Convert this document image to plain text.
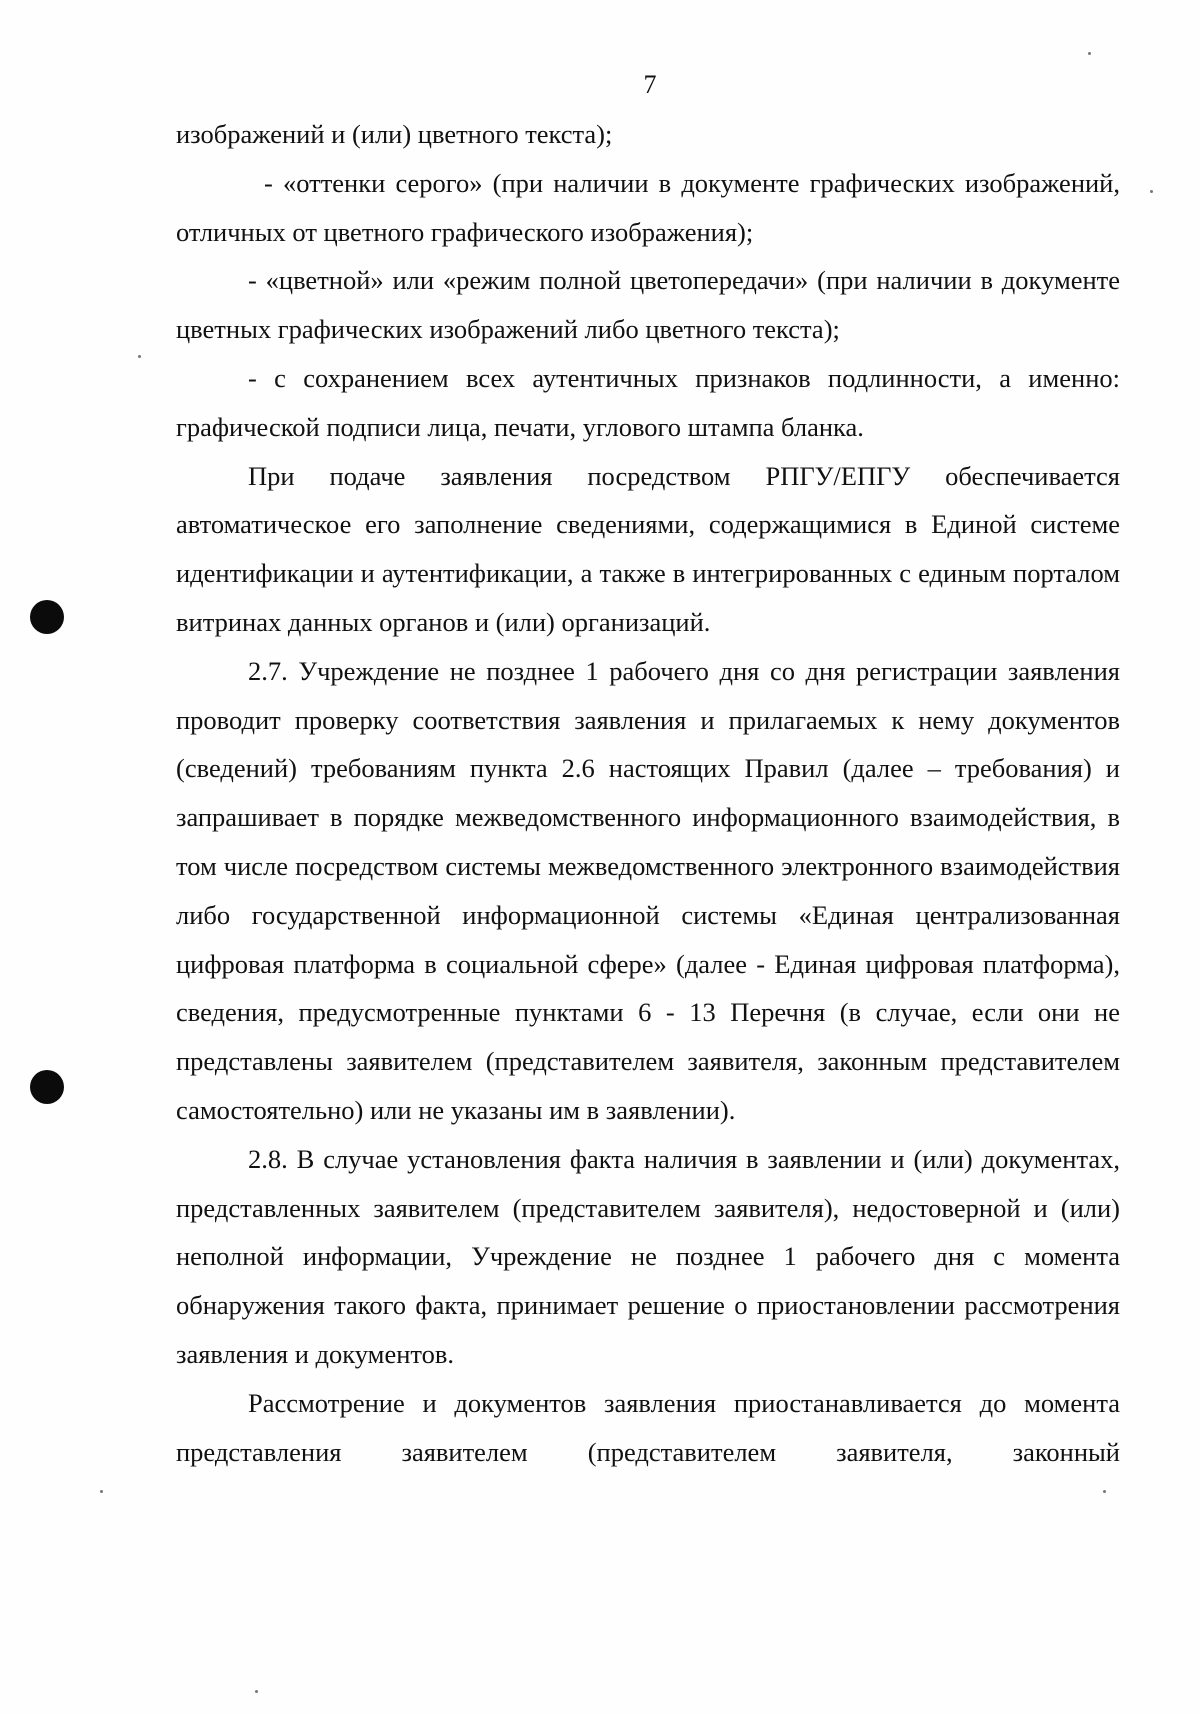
7

изображений и (или) цветного текста);

- «оттенки серого» (при наличии в документе графических изображений, отличных от цветного графического изображения);

- «цветной» или «режим полной цветопередачи» (при наличии в документе цветных графических изображений либо цветного текста);

- с сохранением всех аутентичных признаков подлинности, а именно: графической подписи лица, печати, углового штампа бланка.

При подаче заявления посредством РПГУ/ЕПГУ обеспечивается автоматическое его заполнение сведениями, содержащимися в Единой системе идентификации и аутентификации, а также в интегрированных с единым порталом витринах данных органов и (или) организаций.

2.7. Учреждение не позднее 1 рабочего дня со дня регистрации заявления проводит проверку соответствия заявления и прилагаемых к нему документов (сведений) требованиям пункта 2.6 настоящих Правил (далее – требования) и запрашивает в порядке межведомственного информационного взаимодействия, в том числе посредством системы межведомственного электронного взаимодействия либо государственной информационной системы «Единая централизованная цифровая платформа в социальной сфере» (далее - Единая цифровая платформа), сведения, предусмотренные пунктами 6 - 13 Перечня (в случае, если они не представлены заявителем (представителем заявителя, законным представителем самостоятельно) или не указаны им в заявлении).

2.8. В случае установления факта наличия в заявлении и (или) документах, представленных заявителем (представителем заявителя), недостоверной и (или) неполной информации, Учреждение не позднее 1 рабочего дня с момента обнаружения такого факта, принимает решение о приостановлении рассмотрения заявления и документов.

Рассмотрение и документов заявления приостанавливается до момента представления заявителем (представителем заявителя, законный
